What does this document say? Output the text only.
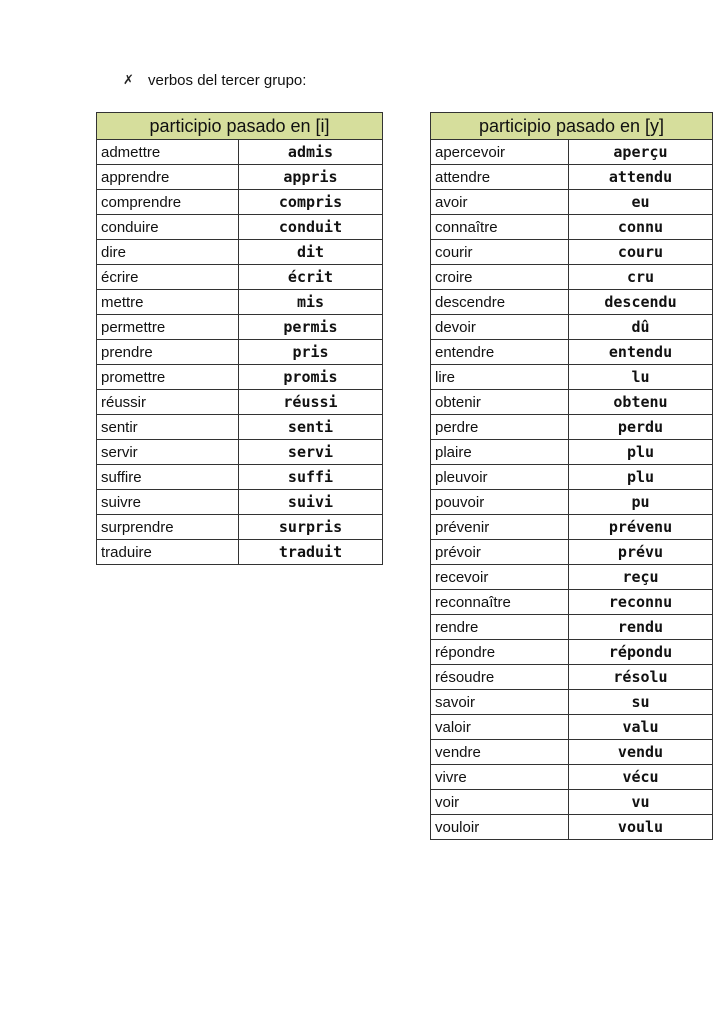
✗ verbos del tercer grupo:
participio pasado en [i]	
admettre	admis
apprendre	appris
comprendre	compris
conduire	conduit
dire	dit
écrire	écrit
mettre	mis
permettre	permis
prendre	pris
promettre	promis
réussir	réussi
sentir	senti
servir	servi
suffire	suffi
suivre	suivi
surprendre	surpris
traduire	traduit
participio pasado en [y]	
apercevoir	aperçu
attendre	attendu
avoir	eu
connaître	connu
courir	couru
croire	cru
descendre	descendu
devoir	dû
entendre	entendu
lire	lu
obtenir	obtenu
perdre	perdu
plaire	plu
pleuvoir	plu
pouvoir	pu
prévenir	prévenu
prévoir	prévu
recevoir	reçu
reconnaître	reconnu
rendre	rendu
répondre	répondu
résoudre	résolu
savoir	su
valoir	valu
vendre	vendu
vivre	vécu
voir	vu
vouloir	voulu
